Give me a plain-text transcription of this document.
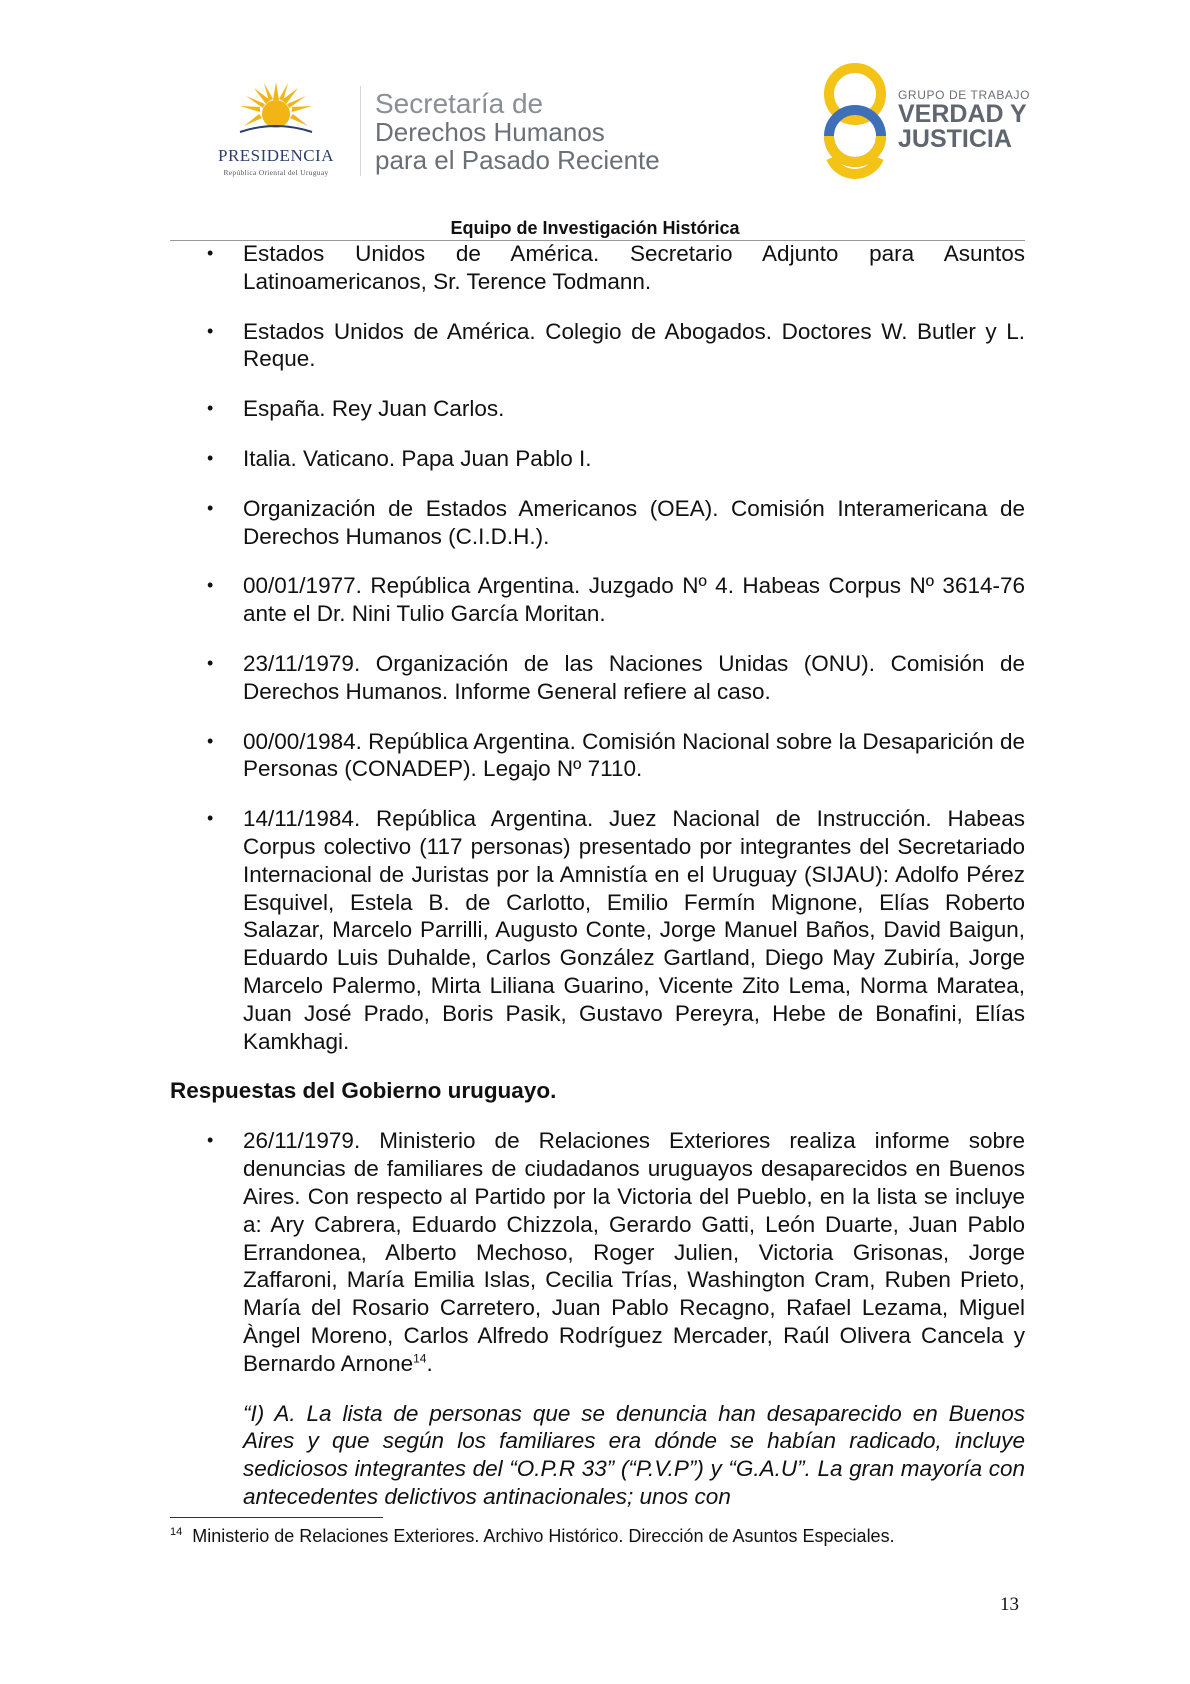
PRESIDENCIA
República Oriental del Uruguay
Secretaría de
Derechos Humanos
para el Pasado Reciente
GRUPO DE TRABAJO
VERDAD Y
JUSTICIA
Equipo de Investigación Histórica
• Estados Unidos de América. Secretario Adjunto para Asuntos Latinoamericanos, Sr. Terence Todmann.
• Estados Unidos de América. Colegio de Abogados. Doctores W. Butler y L. Reque.
• España. Rey Juan Carlos.
• Italia. Vaticano. Papa Juan Pablo I.
• Organización de Estados Americanos (OEA). Comisión Interamericana de Derechos Humanos (C.I.D.H.).
• 00/01/1977. República Argentina. Juzgado Nº 4. Habeas Corpus Nº 3614-76 ante el Dr. Nini Tulio García Moritan.
• 23/11/1979. Organización de las Naciones Unidas (ONU). Comisión de Derechos Humanos. Informe General refiere al caso.
• 00/00/1984. República Argentina. Comisión Nacional sobre la Desaparición de Personas (CONADEP). Legajo Nº 7110.
• 14/11/1984. República Argentina. Juez Nacional de Instrucción. Habeas Corpus colectivo (117 personas) presentado por integrantes del Secretariado Internacional de Juristas por la Amnistía en el Uruguay (SIJAU): Adolfo Pérez Esquivel, Estela B. de Carlotto, Emilio Fermín Mignone, Elías Roberto Salazar, Marcelo Parrilli, Augusto Conte, Jorge Manuel Baños, David Baigun, Eduardo Luis Duhalde, Carlos González Gartland, Diego May Zubiría, Jorge Marcelo Palermo, Mirta Liliana Guarino, Vicente Zito Lema, Norma Maratea, Juan José Prado, Boris Pasik, Gustavo Pereyra, Hebe de Bonafini, Elías Kamkhagi.
Respuestas del Gobierno uruguayo.
• 26/11/1979. Ministerio de Relaciones Exteriores realiza informe sobre denuncias de familiares de ciudadanos uruguayos desaparecidos en Buenos Aires. Con respecto al Partido por la Victoria del Pueblo, en la lista se incluye a: Ary Cabrera, Eduardo Chizzola, Gerardo Gatti, León Duarte, Juan Pablo Errandonea, Alberto Mechoso, Roger Julien, Victoria Grisonas, Jorge Zaffaroni, María Emilia Islas, Cecilia Trías, Washington Cram, Ruben Prieto, María del Rosario Carretero, Juan Pablo Recagno, Rafael Lezama, Miguel Àngel Moreno, Carlos Alfredo Rodríguez Mercader, Raúl Olivera Cancela y Bernardo Arnone$^{14}$.
“I) A. La lista de personas que se denuncia han desaparecido en Buenos Aires y que según los familiares era dónde se habían radicado, incluye sediciosos integrantes del “O.P.R 33” (“P.V.P”) y “G.A.U”. La gran mayoría con antecedentes delictivos antinacionales; unos con
$^{14}$ Ministerio de Relaciones Exteriores. Archivo Histórico. Dirección de Asuntos Especiales.
13
